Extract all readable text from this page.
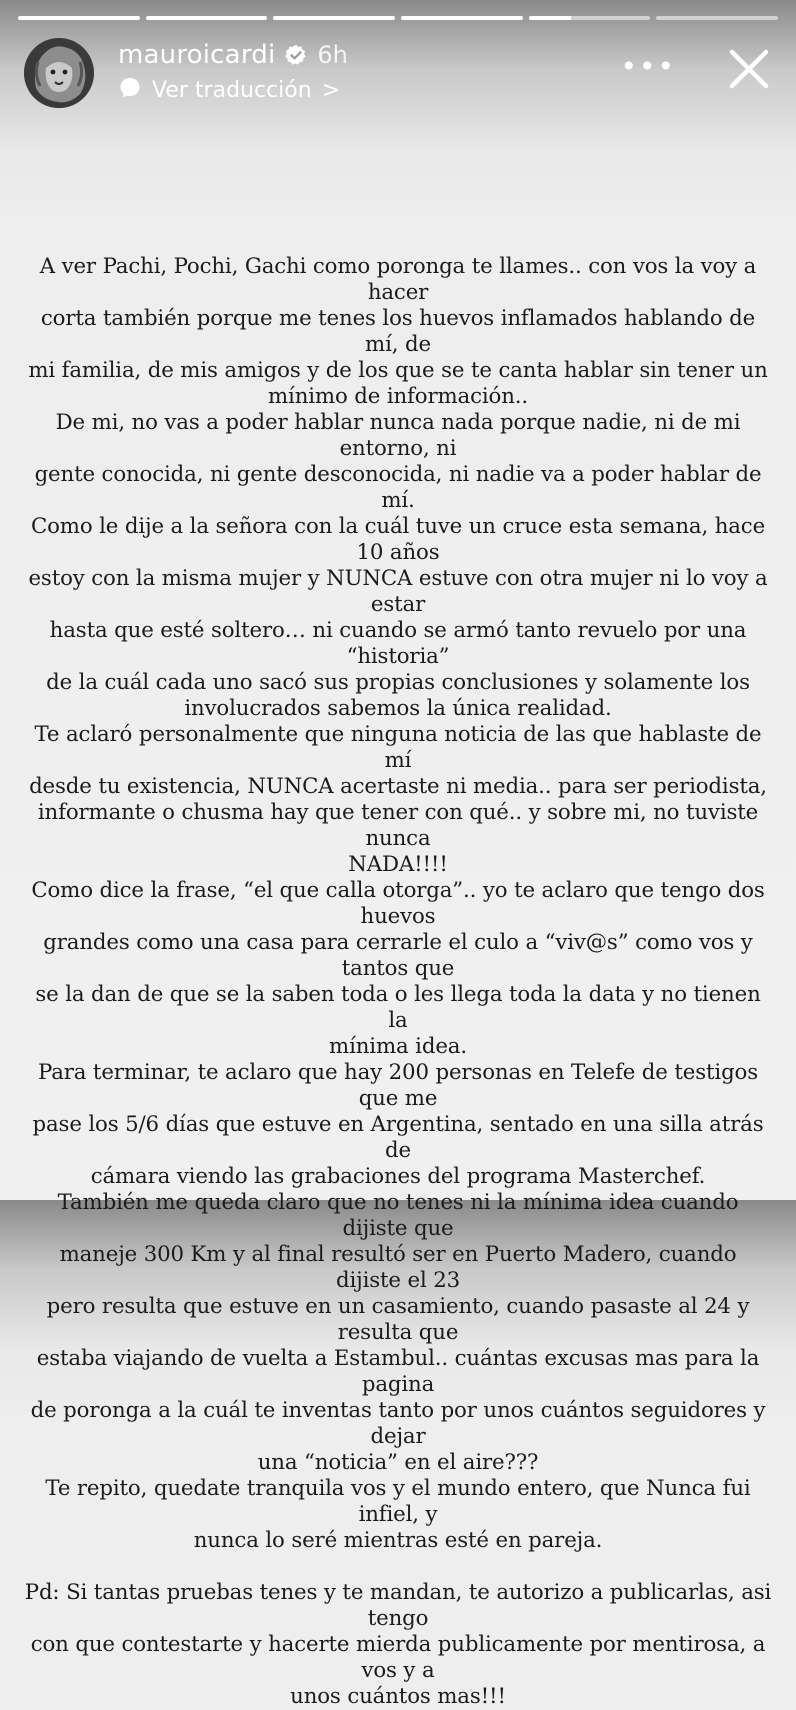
mauroicardi 6h
Ver traducción >
•••

A ver Pachi, Pochi, Gachi como poronga te llames.. con vos la voy a hacer

corta también porque me tenes los huevos inflamados hablando de mí, de

mi familia, de mis amigos y de los que se te canta hablar sin tener un

mínimo de información..

De mi, no vas a poder hablar nunca nada porque nadie, ni de mi entorno, ni

gente conocida, ni gente desconocida, ni nadie va a poder hablar de mí.

Como le dije a la señora con la cuál tuve un cruce esta semana, hace 10 años

estoy con la misma mujer y NUNCA estuve con otra mujer ni lo voy a estar

hasta que esté soltero… ni cuando se armó tanto revuelo por una “historia”

de la cuál cada uno sacó sus propias conclusiones y solamente los

involucrados sabemos la única realidad.

Te aclaró personalmente que ninguna noticia de las que hablaste de mí

desde tu existencia, NUNCA acertaste ni media.. para ser periodista,

informante o chusma hay que tener con qué.. y sobre mi, no tuviste nunca

NADA!!!!

Como dice la frase, “el que calla otorga”.. yo te aclaro que tengo dos huevos

grandes como una casa para cerrarle el culo a “viv@s” como vos y tantos que

se la dan de que se la saben toda o les llega toda la data y no tienen la

mínima idea.

Para terminar, te aclaro que hay 200 personas en Telefe de testigos que me

pase los 5/6 días que estuve en Argentina, sentado en una silla atrás de

cámara viendo las grabaciones del programa Masterchef.

También me queda claro que no tenes ni la mínima idea cuando dijiste que

maneje 300 Km y al final resultó ser en Puerto Madero, cuando dijiste el 23

pero resulta que estuve en un casamiento, cuando pasaste al 24 y resulta que

estaba viajando de vuelta a Estambul.. cuántas excusas mas para la pagina

de poronga a la cuál te inventas tanto por unos cuántos seguidores y dejar

una “noticia” en el aire???

Te repito, quedate tranquila vos y el mundo entero, que Nunca fui infiel, y

nunca lo seré mientras esté en pareja.

Pd: Si tantas pruebas tenes y te mandan, te autorizo a publicarlas, asi tengo

con que contestarte y hacerte mierda publicamente por mentirosa, a vos y a

unos cuántos mas!!!
